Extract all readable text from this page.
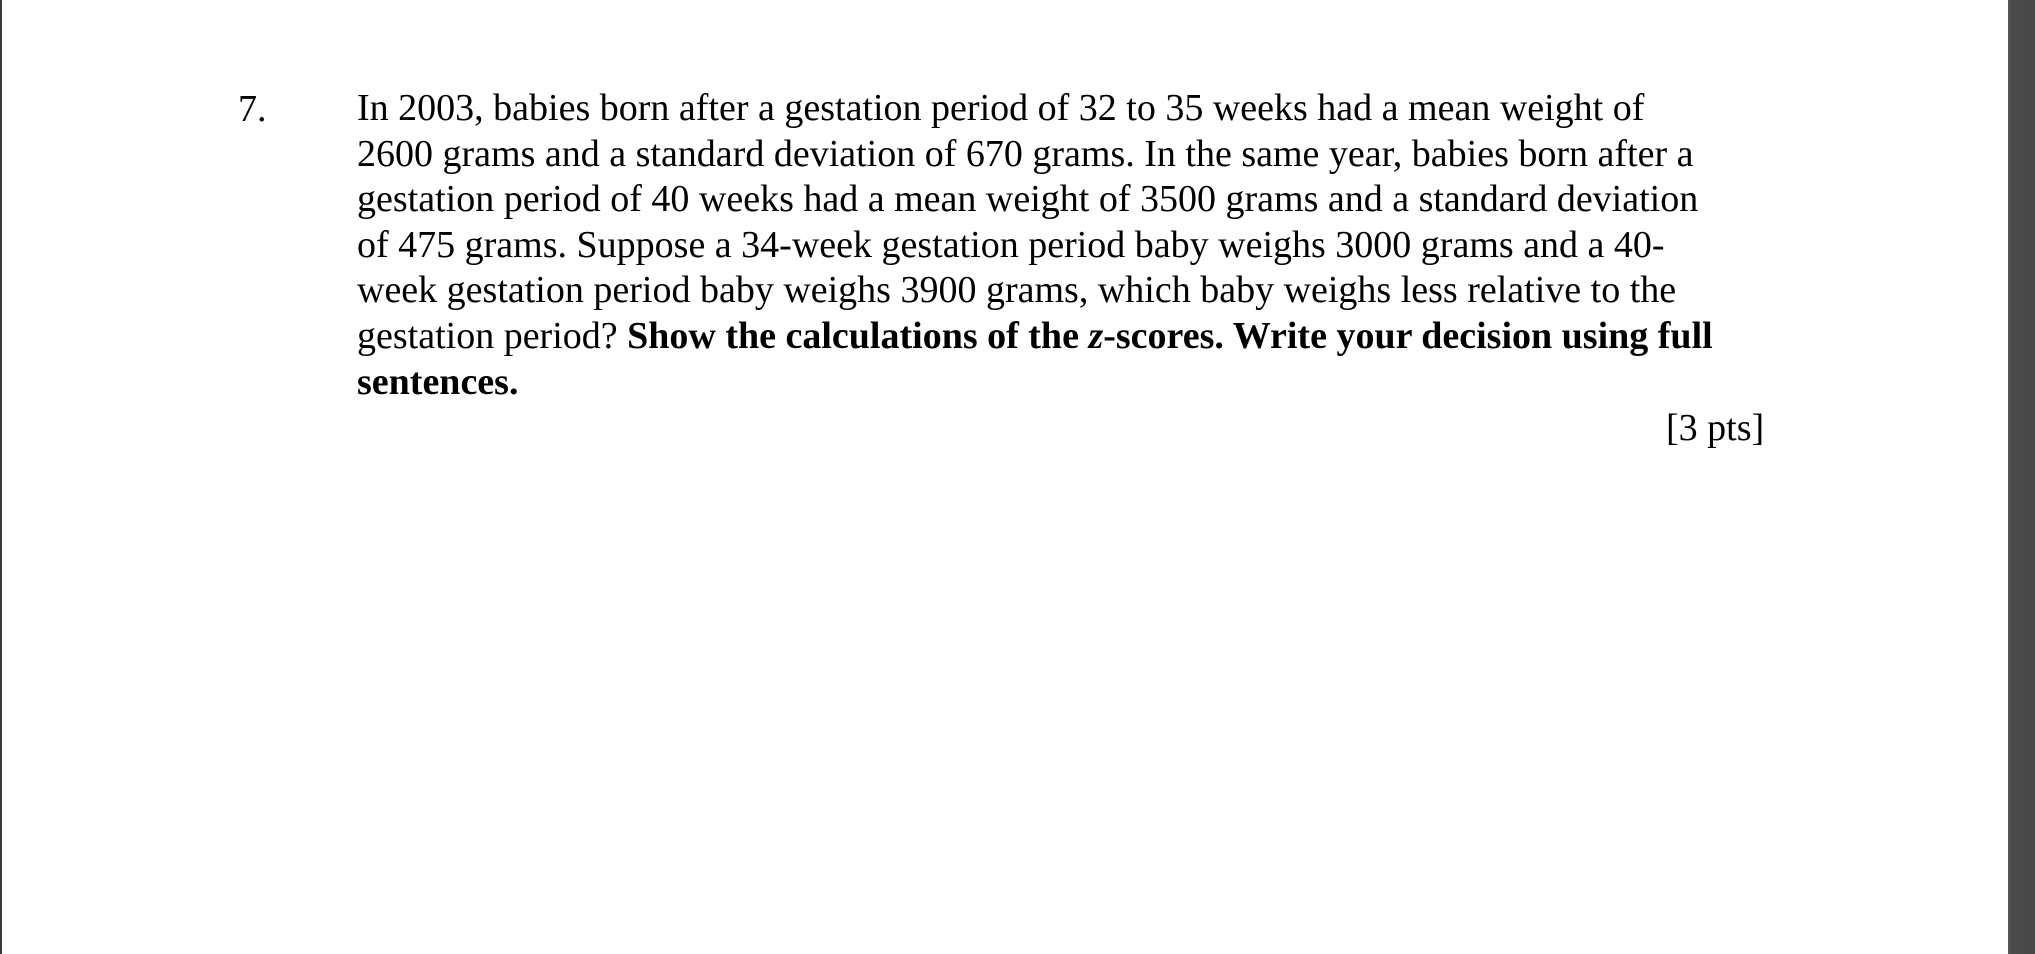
7. In 2003, babies born after a gestation period of 32 to 35 weeks had a mean weight of
2600 grams and a standard deviation of 670 grams. In the same year, babies born after a
gestation period of 40 weeks had a mean weight of 3500 grams and a standard deviation
of 475 grams. Suppose a 34-week gestation period baby weighs 3000 grams and a 40-
week gestation period baby weighs 3900 grams, which baby weighs less relative to the
gestation period? Show the calculations of the z-scores. Write your decision using full
sentences.
[3 pts]
